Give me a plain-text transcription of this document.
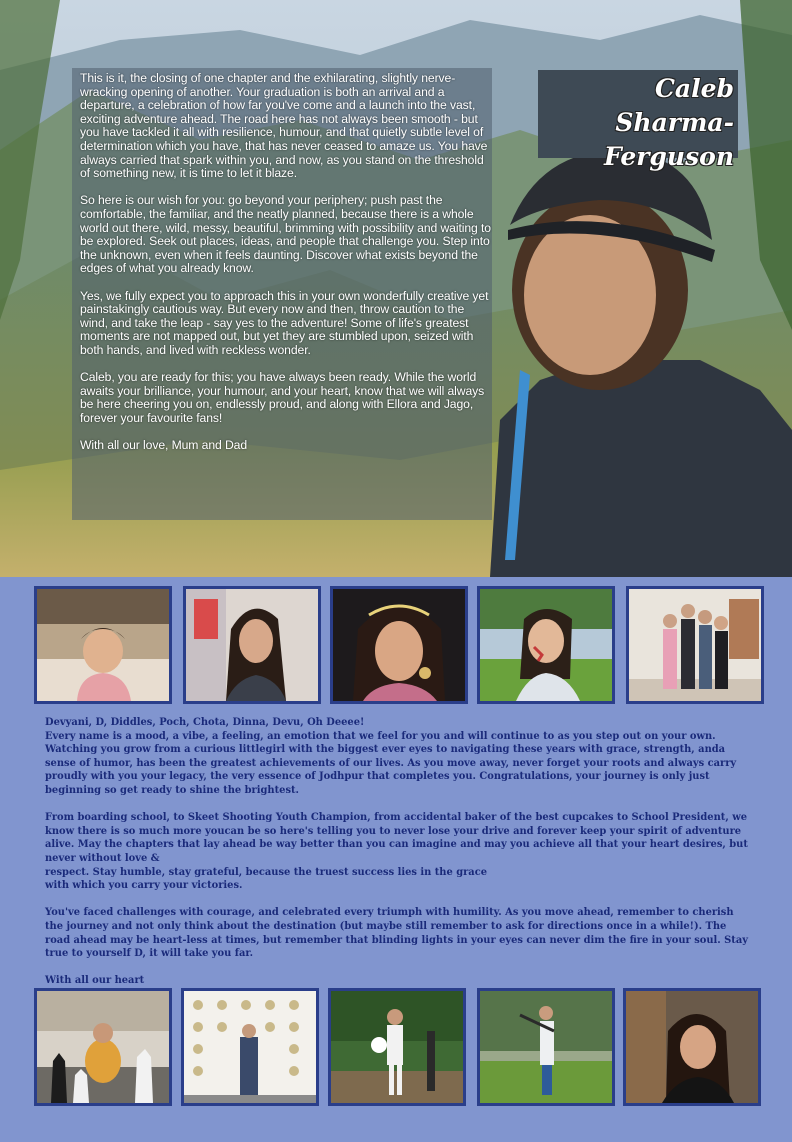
This is it, the closing of one chapter and the exhilarating, slightly nerve-wracking opening of another. Your graduation is both an arrival and a departure, a celebration of how far you've come and a launch into the vast, exciting adventure ahead. The road here has not always been smooth - but you have tackled it all with resilience, humour, and that quietly subtle level of determination which you have, that has never ceased to amaze us. You have always carried that spark within you, and now, as you stand on the threshold of something new, it is time to let it blaze.

So here is our wish for you: go beyond your periphery; push past the comfortable, the familiar, and the neatly planned, because there is a whole world out there, wild, messy, beautiful, brimming with possibility and waiting to be explored. Seek out places, ideas, and people that challenge you. Step into the unknown, even when it feels daunting. Discover what exists beyond the edges of what you already know.

Yes, we fully expect you to approach this in your own wonderfully creative yet painstakingly cautious way. But every now and then, throw caution to the wind, and take the leap - say yes to the adventure! Some of life's greatest moments are not mapped out, but yet they are stumbled upon, seized with both hands, and lived with reckless wonder.

Caleb, you are ready for this; you have always been ready. While the world awaits your brilliance, your humour, and your heart, know that we will always be here cheering you on, endlessly proud, and along with Ellora and Jago, forever your favourite fans!

With all our love, Mum and Dad

Caleb Sharma-
Ferguson

Devyani, D, Diddles, Poch, Chota, Dinna, Devu, Oh Deeee!
Every name is a mood, a vibe, a feeling, an emotion that we feel for you and will continue to as you step out on your own. Watching you grow from a curious littlegirl with the biggest ever eyes to navigating these years with grace, strength, anda sense of humor, has been the greatest achievements of our lives. As you move away, never forget your roots and always carry proudly with you your legacy, the very essence of Jodhpur that completes you. Congratulations, your journey is only just beginning so get ready to shine the brightest.

From boarding school, to Skeet Shooting Youth Champion, from accidental baker of the best cupcakes to School President, we know there is so much more youcan be so here's telling you to never lose your drive and forever keep your spirit of adventure alive. May the chapters that lay ahead be way better than you can imagine and may you achieve all that your heart desires, but never without love &
respect. Stay humble, stay grateful, because the truest success lies in the grace
with which you carry your victories.

You've faced challenges with courage, and celebrated every triumph with humility. As you move ahead, remember to cherish the journey and not only think about the destination (but maybe still remember to ask for directions once in a while!). The road ahead may be heart-less at times, but remember that blinding lights in your eyes can never dim the fire in your soul. Stay true to yourself D, it will take you far.

With all our heart
